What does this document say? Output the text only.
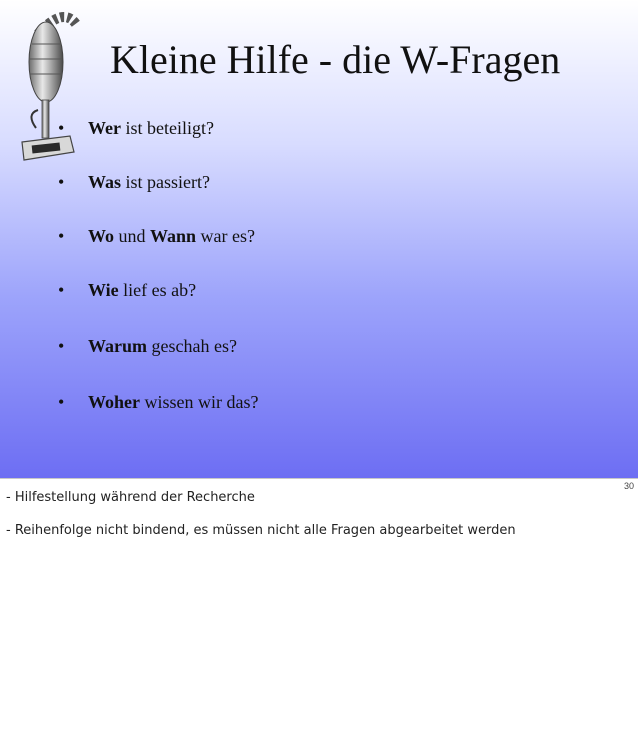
Kleine Hilfe - die W-Fragen
• Wer ist beteiligt?
• Was ist passiert?
• Wo und Wann war es?
• Wie lief es ab?
• Warum geschah es?
• Woher wissen wir das?
30
- Hilfestellung während der Recherche
- Reihenfolge nicht bindend, es müssen nicht alle Fragen abgearbeitet werden
